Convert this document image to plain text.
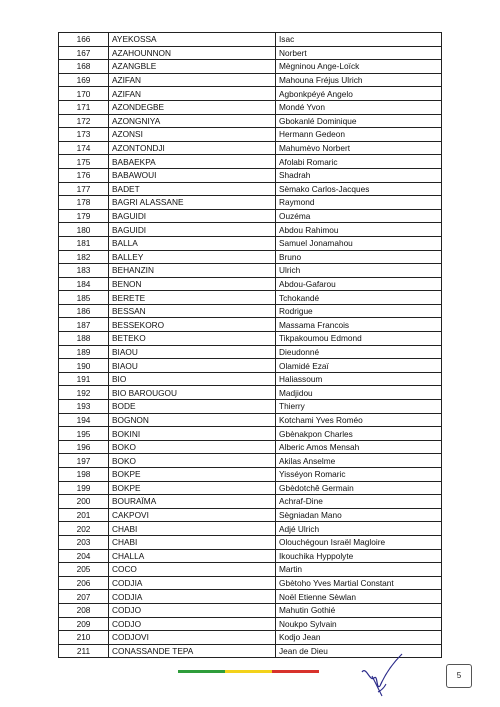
166	AYEKOSSA	Isac
167	AZAHOUNNON	Norbert
168	AZANGBLE	Mègninou Ange-Loïck
169	AZIFAN	Mahouna Fréjus Ulrich
170	AZIFAN	Agbonkpéyé Angelo
171	AZONDEGBE	Mondé Yvon
172	AZONGNIYA	Gbokanlé Dominique
173	AZONSI	Hermann Gedeon
174	AZONTONDJI	Mahumèvo Norbert
175	BABAEKPA	Afolabi Romaric
176	BABAWOUI	Shadrah
177	BADET	Sèmako Carlos-Jacques
178	BAGRI ALASSANE	Raymond
179	BAGUIDI	Ouzéma
180	BAGUIDI	Abdou Rahimou
181	BALLA	Samuel Jonamahou
182	BALLEY	Bruno
183	BEHANZIN	Ulrich
184	BENON	Abdou-Gafarou
185	BERETE	Tchokandé
186	BESSAN	Rodrigue
187	BESSEKORO	Massama Francois
188	BETEKO	Tikpakoumou Edmond
189	BIAOU	Dieudonné
190	BIAOU	Olamidé Ezaï
191	BIO	Haliassoum
192	BIO BAROUGOU	Madjidou
193	BODE	Thierry
194	BOGNON	Kotchami Yves Roméo
195	BOKINI	Gbènakpon Charles
196	BOKO	Alberic Amos Mensah
197	BOKO	Akilas Anselme
198	BOKPE	Yisséyon Romaric
199	BOKPE	Gbèdotchê Germain
200	BOURAÏMA	Achraf-Dine
201	CAKPOVI	Sègniadan Mano
202	CHABI	Adjé Ulrich
203	CHABI	Olouchégoun Israël Magloire
204	CHALLA	Ikouchika Hyppolyte
205	COCO	Martin
206	CODJIA	Gbètoho Yves Martial Constant
207	CODJIA	Noël Etienne Sèwlan
208	CODJO	Mahutin Gothié
209	CODJO	Noukpo Sylvain
210	CODJOVI	Kodjo Jean
211	CONASSANDE TEPA	Jean de Dieu
5
